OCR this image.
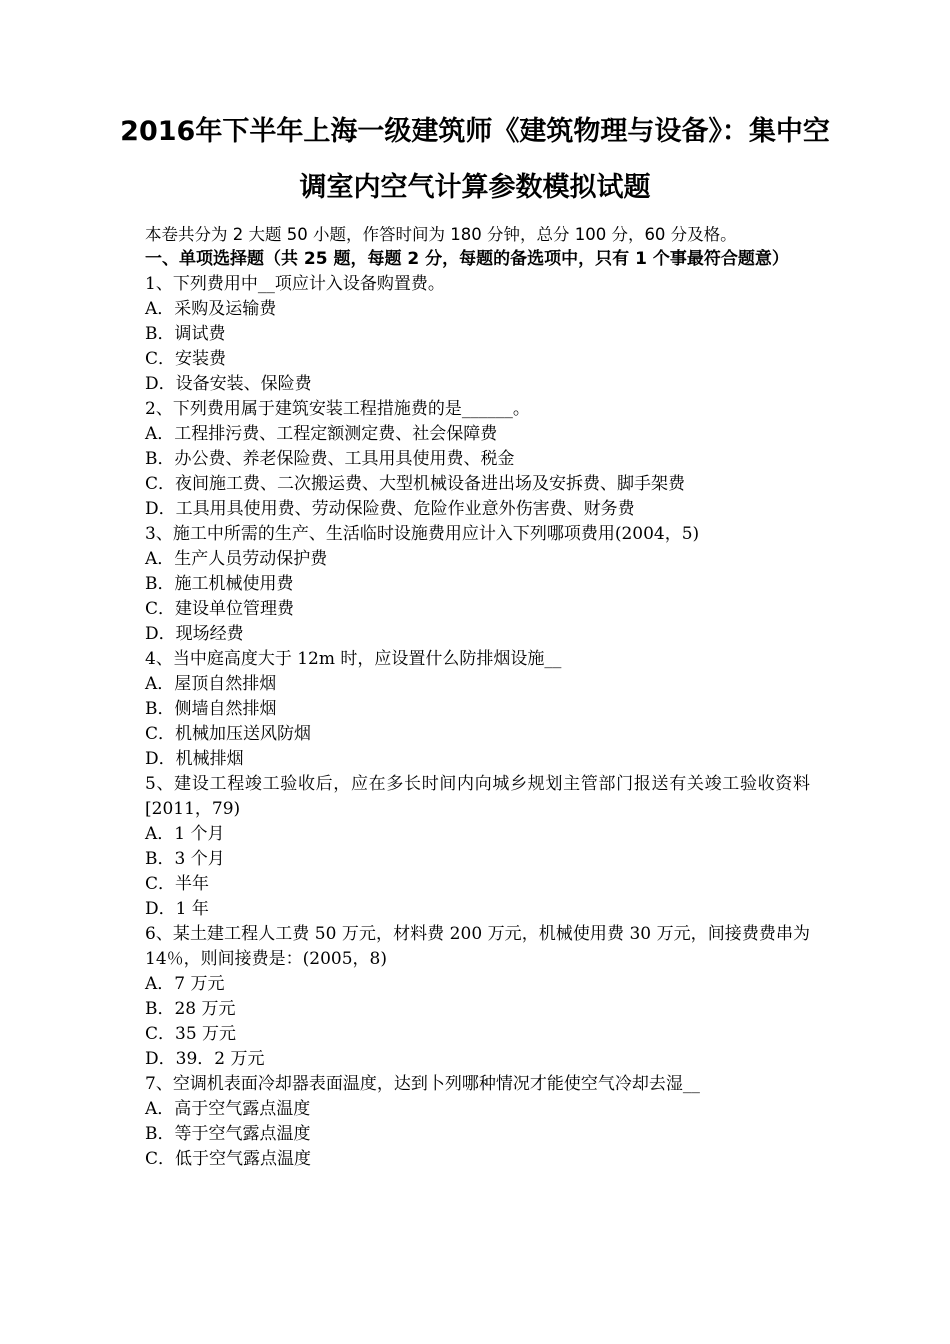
2016年下半年上海一级建筑师《建筑物理与设备》：集中空
调室内空气计算参数模拟试题

本卷共分为 2 大题 50 小题，作答时间为 180 分钟，总分 100 分，60 分及格。

一、单项选择题（共 25 题，每题 2 分，每题的备选项中，只有 1 个事最符合题意）

1、下列费用中__项应计入设备购置费。

A．采购及运输费

B．调试费

C．安装费

D．设备安装、保险费

2、下列费用属于建筑安装工程措施费的是______。

A．工程排污费、工程定额测定费、社会保障费

B．办公费、养老保险费、工具用具使用费、税金

C．夜间施工费、二次搬运费、大型机械设备进出场及安拆费、脚手架费

D．工具用具使用费、劳动保险费、危险作业意外伤害费、财务费

3、施工中所需的生产、生活临时设施费用应计入下列哪项费用(2004，5)

A．生产人员劳动保护费

B．施工机械使用费

C．建设单位管理费

D．现场经费

4、当中庭高度大于 12m 时，应设置什么防排烟设施__

A．屋顶自然排烟

B．侧墙自然排烟

C．机械加压送风防烟

D．机械排烟

5、建设工程竣工验收后，应在多长时间内向城乡规划主管部门报送有关竣工验收资料[2011，79)

A．1 个月

B．3 个月

C．半年

D．1 年

6、某土建工程人工费 50 万元，材料费 200 万元，机械使用费 30 万元，间接费费串为 14％，则间接费是：(2005，8)

A．7 万元

B．28 万元

C．35 万元

D．39．2 万元

7、空调机表面冷却器表面温度，达到卜列哪种情况才能使空气冷却去湿__

A．高于空气露点温度

B．等于空气露点温度

C．低于空气露点温度
